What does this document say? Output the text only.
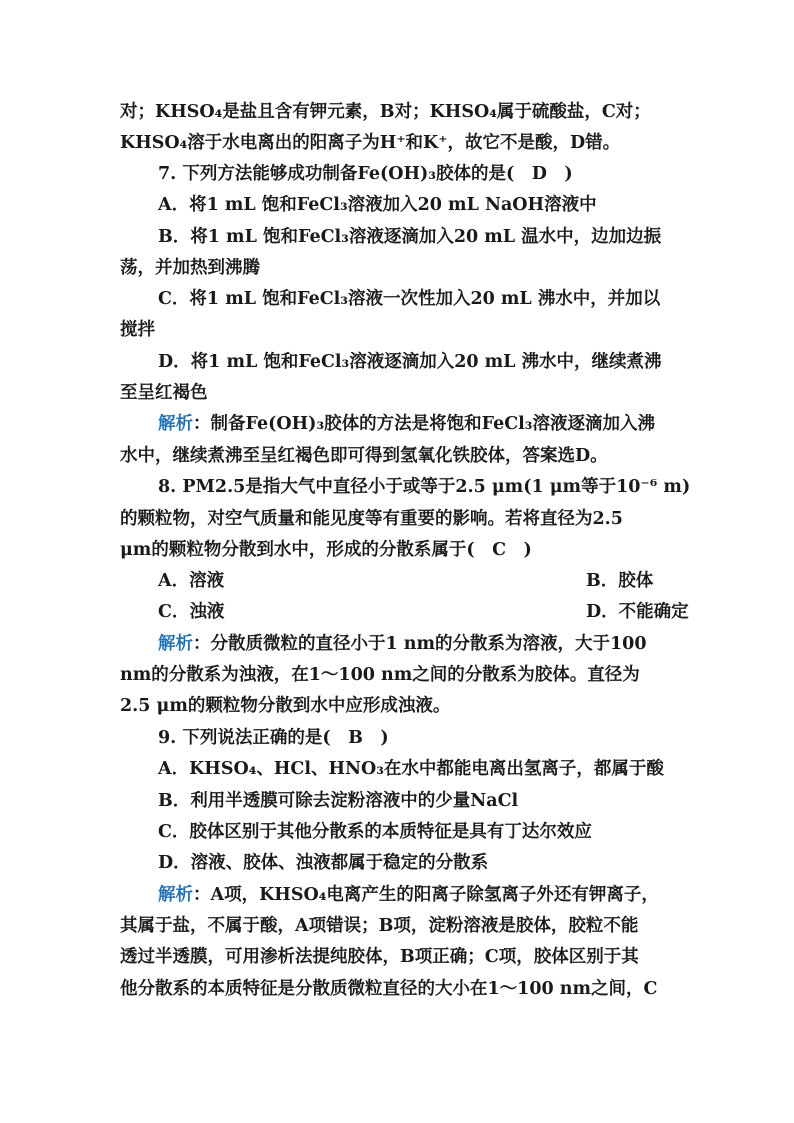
对；KHSO₄是盐且含有钾元素，B对；KHSO₄属于硫酸盐，C对；
KHSO₄溶于水电离出的阳离子为H⁺和K⁺，故它不是酸，D错。
7. 下列方法能够成功制备Fe(OH)₃胶体的是(　D　)
A．将1 mL 饱和FeCl₃溶液加入20 mL NaOH溶液中
B．将1 mL 饱和FeCl₃溶液逐滴加入20 mL 温水中，边加边振
荡，并加热到沸腾
C．将1 mL 饱和FeCl₃溶液一次性加入20 mL 沸水中，并加以
搅拌
D．将1 mL 饱和FeCl₃溶液逐滴加入20 mL 沸水中，继续煮沸
至呈红褐色
解析：制备Fe(OH)₃胶体的方法是将饱和FeCl₃溶液逐滴加入沸
水中，继续煮沸至呈红褐色即可得到氢氧化铁胶体，答案选D。
8. PM2.5是指大气中直径小于或等于2.5 μm(1 μm等于10⁻⁶ m)
的颗粒物，对空气质量和能见度等有重要的影响。若将直径为2.5
μm的颗粒物分散到水中，形成的分散系属于(　C　)
A．溶液	B．胶体
C．浊液	D．不能确定
解析：分散质微粒的直径小于1 nm的分散系为溶液，大于100
nm的分散系为浊液，在1～100 nm之间的分散系为胶体。直径为
2.5 μm的颗粒物分散到水中应形成浊液。
9. 下列说法正确的是(　B　)
A．KHSO₄、HCl、HNO₃在水中都能电离出氢离子，都属于酸
B．利用半透膜可除去淀粉溶液中的少量NaCl
C．胶体区别于其他分散系的本质特征是具有丁达尔效应
D．溶液、胶体、浊液都属于稳定的分散系
解析：A项，KHSO₄电离产生的阳离子除氢离子外还有钾离子，
其属于盐，不属于酸，A项错误；B项，淀粉溶液是胶体，胶粒不能
透过半透膜，可用渗析法提纯胶体，B项正确；C项，胶体区别于其
他分散系的本质特征是分散质微粒直径的大小在1～100 nm之间，C
